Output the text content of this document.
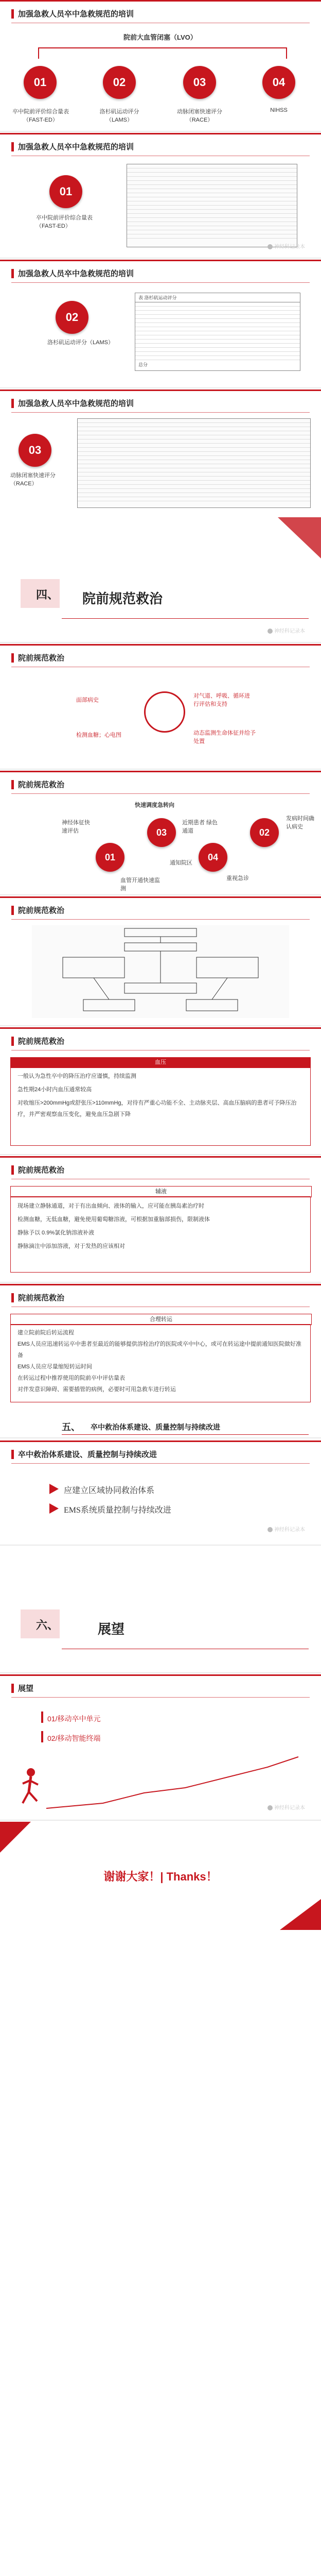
加强急救人员卒中急救规范的培训
院前大血管闭塞（LVO）
01	02	03	04
卒中院前评价综合量表（FAST-ED）
洛杉矶运动评分（LAMS）
动脉闭塞快速评分（RACE）
NIHSS
加强急救人员卒中急救规范的培训
01
卒中院前评价综合量表（FAST-ED）
加强急救人员卒中急救规范的培训
02
洛杉矶运动评分（LAMS）
表 洛杉矶运动评分
总分
加强急救人员卒中急救规范的培训
03
动脉闭塞快速评分（RACE）
四、 院前规范救治
院前规范救治
面部病史
对气道、呼吸、循环进行评估和支持
检测血糖；心电图	动态监测生命体征并给予处置
院前规范救治
快速调度急转向
01
03
04
02
神经体征快速评估
血管开通快速监测
近期患者 绿色通道
重视急诊
通知院区
发病时间确认病史
院前规范救治
院前规范救治
血压
一般认为急性卒中的降压治疗应谨慎，持续监测
急性期24小时内血压通常较高
对收缩压>200mmHg或舒张压>110mmHg，对待有严重心功能不全、主动脉夹层、高血压脑病的患者可予降压治疗，并严密观察血压变化，避免血压急剧下降
院前规范救治
辅液
现场建立静脉通道，对于有出血倾向、液体的输入，应可能在胰岛素治疗时
检测血糖，无低血糖，避免使用葡萄糖溶液，可根据加重脑部损伤，限制液体
静脉予以 0.9%氯化钠溶液补液
静脉滴注中添加溶液，对于发热的应该相对
院前规范救治
合理转运
建立院前院后转运流程
EMS人员应迅速转运卒中患者至最近的能够提供溶栓治疗的医院或卒中中心，或可在转运途中提前通知医院做好准备
EMS人员应尽量缩短转运时间
在转运过程中推荐使用的院前卒中评估量表
对伴发意识障碍、需要插管的病例，必要时可用急救车进行转运
五、 卒中救治体系建设、质量控制与持续改进
卒中救治体系建设、质量控制与持续改进
应建立区域协同救治体系
EMS系统质量控制与持续改进
六、	展望
展望
01/移动卒中单元
02/移动智能终端
谢谢大家！| Thanks！
神经科记录本
神经科记录本
神经科记录本
神经科记录本
